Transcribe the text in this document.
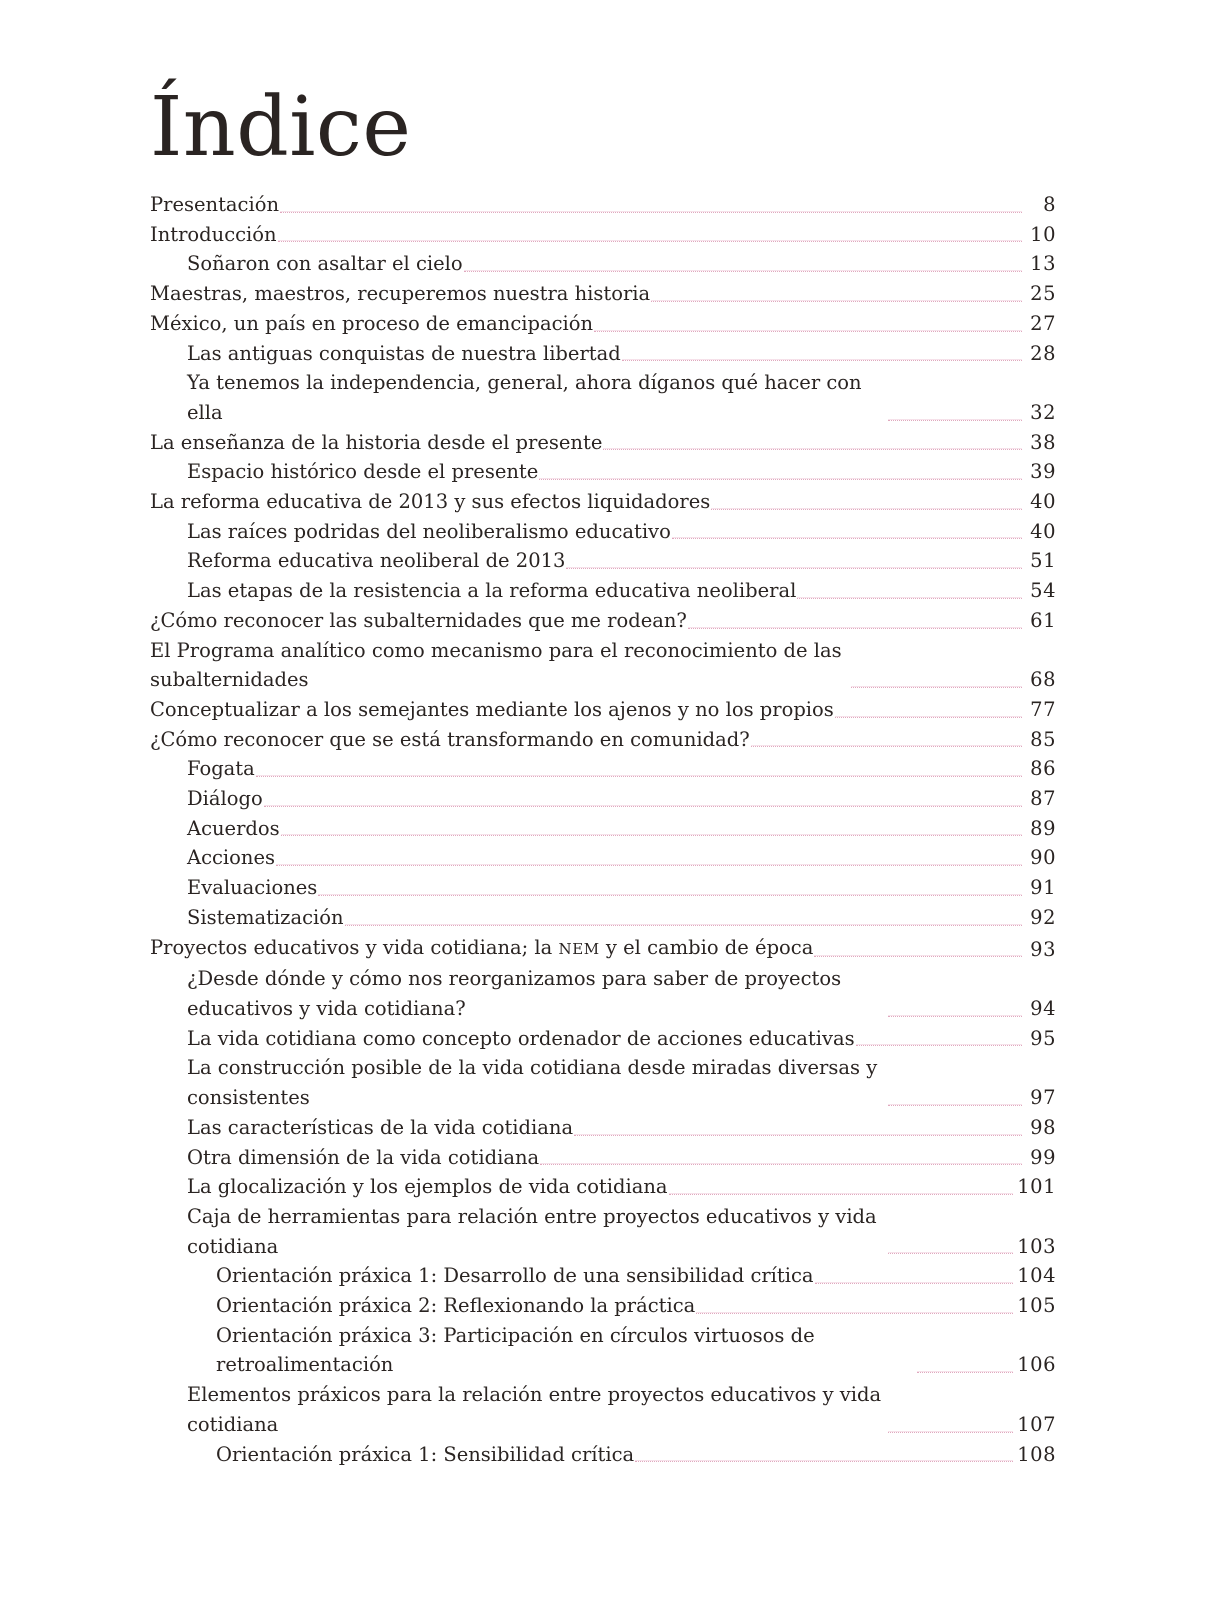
Índice
Presentación	8
Introducción	10
Soñaron con asaltar el cielo	13
Maestras, maestros, recuperemos nuestra historia	25
México, un país en proceso de emancipación	27
Las antiguas conquistas de nuestra libertad	28
Ya tenemos la independencia, general, ahora díganos qué hacer con ella	32
La enseñanza de la historia desde el presente	38
Espacio histórico desde el presente	39
La reforma educativa de 2013 y sus efectos liquidadores	40
Las raíces podridas del neoliberalismo educativo	40
Reforma educativa neoliberal de 2013	51
Las etapas de la resistencia a la reforma educativa neoliberal	54
¿Cómo reconocer las subalternidades que me rodean?	61
El Programa analítico como mecanismo para el reconocimiento de las subalternidades	68
Conceptualizar a los semejantes mediante los ajenos y no los propios	77
¿Cómo reconocer que se está transformando en comunidad?	85
Fogata	86
Diálogo	87
Acuerdos	89
Acciones	90
Evaluaciones	91
Sistematización	92
Proyectos educativos y vida cotidiana; la NEM y el cambio de época	93
¿Desde dónde y cómo nos reorganizamos para saber de proyectos educativos y vida cotidiana?	94
La vida cotidiana como concepto ordenador de acciones educativas	95
La construcción posible de la vida cotidiana desde miradas diversas y consistentes	97
Las características de la vida cotidiana	98
Otra dimensión de la vida cotidiana	99
La glocalización y los ejemplos de vida cotidiana	101
Caja de herramientas para relación entre proyectos educativos y vida cotidiana	103
Orientación práxica 1: Desarrollo de una sensibilidad crítica	104
Orientación práxica 2: Reflexionando la práctica	105
Orientación práxica 3: Participación en círculos virtuosos de retroalimentación	106
Elementos práxicos para la relación entre proyectos educativos y vida cotidiana	107
Orientación práxica 1: Sensibilidad crítica	108
